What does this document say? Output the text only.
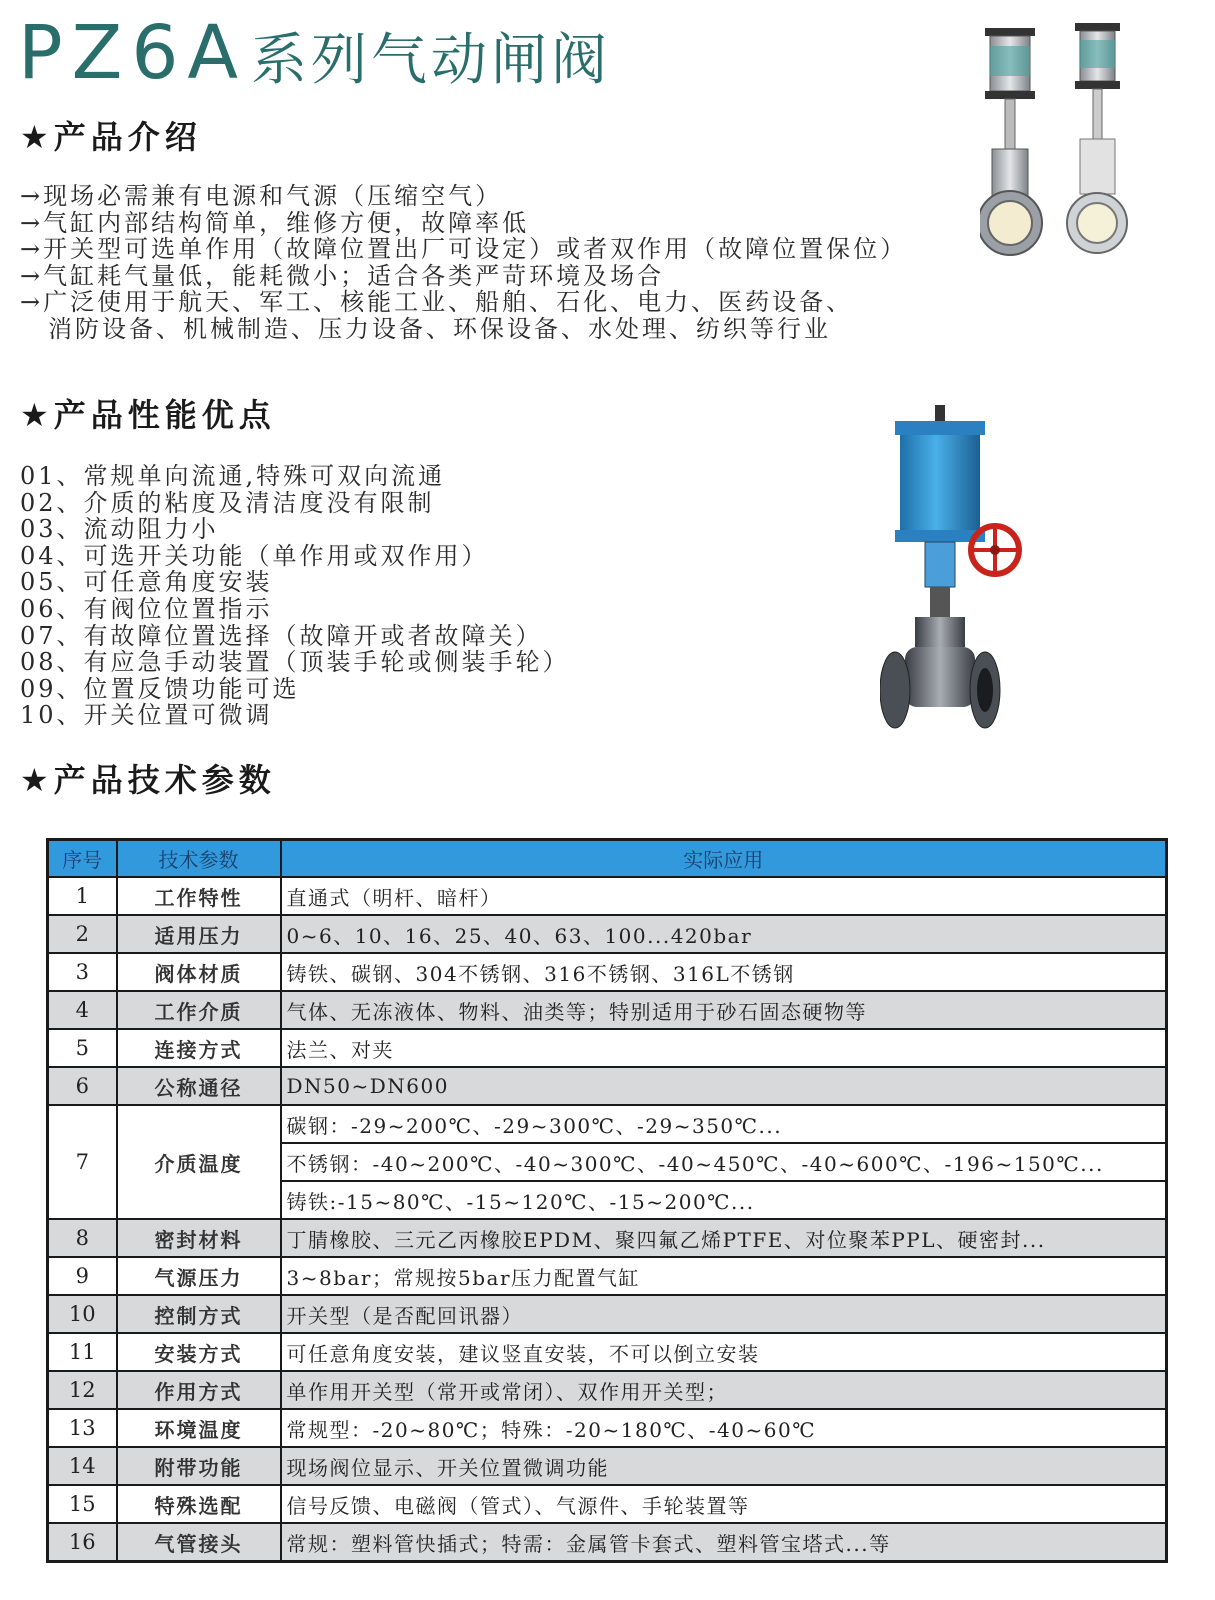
PZ6A系列气动闸阀
★产品介绍
→现场必需兼有电源和气源（压缩空气）
→气缸内部结构简单，维修方便，故障率低
→开关型可选单作用（故障位置出厂可设定）或者双作用（故障位置保位）
→气缸耗气量低，能耗微小；适合各类严苛环境及场合
→广泛使用于航天、军工、核能工业、船舶、石化、电力、医药设备、
消防设备、机械制造、压力设备、环保设备、水处理、纺织等行业
★产品性能优点
01、常规单向流通,特殊可双向流通
02、介质的粘度及清洁度没有限制
03、流动阻力小
04、可选开关功能（单作用或双作用）
05、可任意角度安装
06、有阀位位置指示
07、有故障位置选择（故障开或者故障关）
08、有应急手动装置（顶装手轮或侧装手轮）
09、位置反馈功能可选
10、开关位置可微调
★产品技术参数
序号	技术参数	实际应用
1	工作特性	直通式（明杆、暗杆）
2	适用压力	0~6、10、16、25、40、63、100...420bar
3	阀体材质	铸铁、碳钢、304不锈钢、316不锈钢、316L不锈钢
4	工作介质	气体、无冻液体、物料、油类等；特别适用于砂石固态硬物等
5	连接方式	法兰、对夹
6	公称通径	DN50~DN600
7	介质温度	碳钢：-29~200℃、-29~300℃、-29~350℃...
		不锈钢：-40~200℃、-40~300℃、-40~450℃、-40~600℃、-196~150℃...
		铸铁:-15~80℃、-15~120℃、-15~200℃...
8	密封材料	丁腈橡胶、三元乙丙橡胶EPDM、聚四氟乙烯PTFE、对位聚苯PPL、硬密封...
9	气源压力	3~8bar；常规按5bar压力配置气缸
10	控制方式	开关型（是否配回讯器）
11	安装方式	可任意角度安装，建议竖直安装，不可以倒立安装
12	作用方式	单作用开关型（常开或常闭）、双作用开关型；
13	环境温度	常规型：-20~80℃；特殊：-20~180℃、-40~60℃
14	附带功能	现场阀位显示、开关位置微调功能
15	特殊选配	信号反馈、电磁阀（管式）、气源件、手轮装置等
16	气管接头	常规：塑料管快插式；特需：金属管卡套式、塑料管宝塔式...等
